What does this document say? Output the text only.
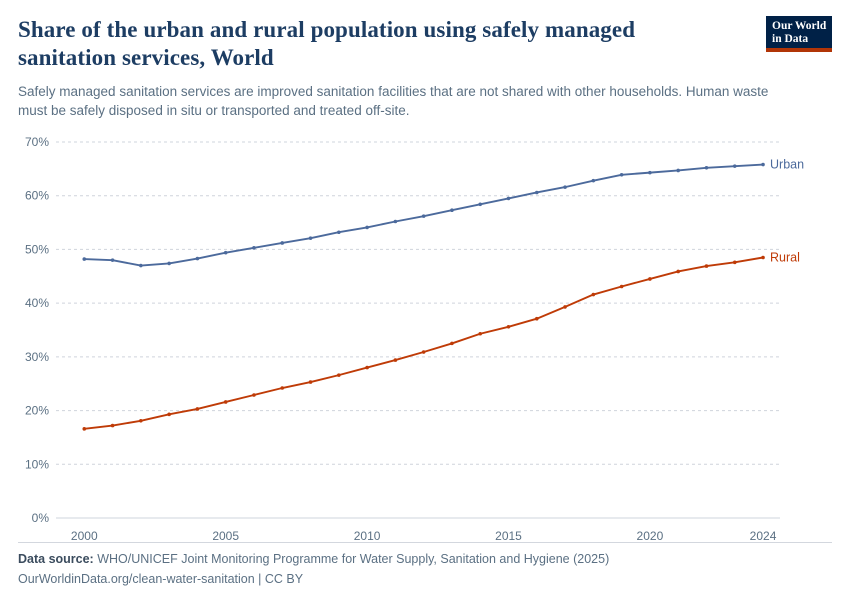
Share of the urban and rural population using safely managed sanitation services, World

Safely managed sanitation services are improved sanitation facilities that are not shared with other households. Human waste must be safely disposed in situ or transported and treated off-site.

Our World
in Data
0%
10%
20%
30%
40%
50%
60%
70%
2000	2005	2010	2015	2020	2024
Urban
Rural

Data source: WHO/UNICEF Joint Monitoring Programme for Water Supply, Sanitation and Hygiene (2025)

OurWorldinData.org/clean-water-sanitation | CC BY
